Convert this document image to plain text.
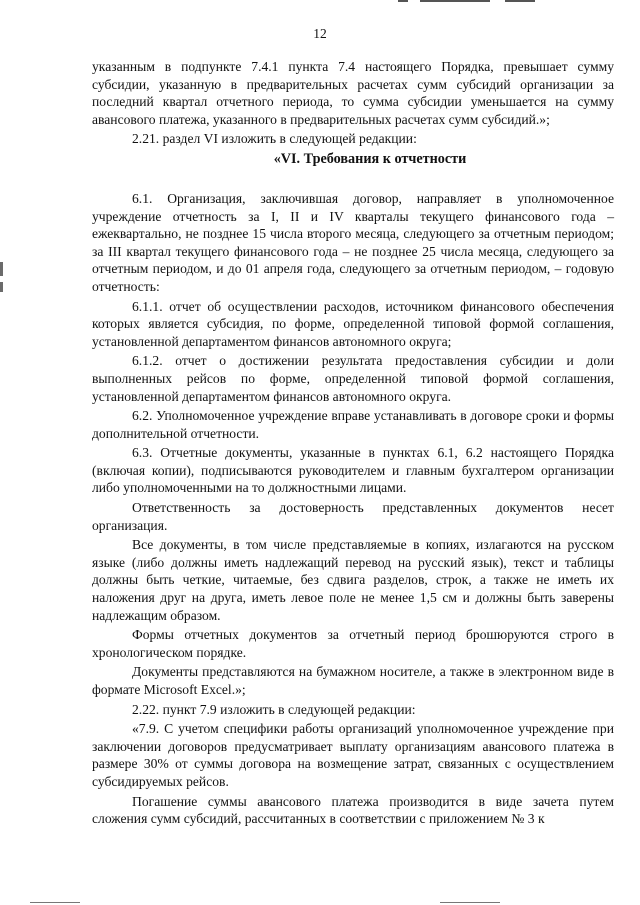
12

указанным в подпункте 7.4.1 пункта 7.4 настоящего Порядка, превышает сумму субсидии, указанную в предварительных расчетах сумм субсидий организации за последний квартал отчетного периода, то сумма субсидии уменьшается на сумму авансового платежа, указанного в предварительных расчетах сумм субсидий.»;

2.21. раздел VI изложить в следующей редакции:

«VI. Требования к отчетности

6.1. Организация, заключившая договор, направляет в уполномоченное учреждение отчетность за I, II и IV кварталы текущего финансового года – ежеквартально, не позднее 15 числа второго месяца, следующего за отчетным периодом; за III квартал текущего финансового года – не позднее 25 числа месяца, следующего за отчетным периодом, и до 01 апреля года, следующего за отчетным периодом, – годовую отчетность:

6.1.1. отчет об осуществлении расходов, источником финансового обеспечения которых является субсидия, по форме, определенной типовой формой соглашения, установленной департаментом финансов автономного округа;

6.1.2. отчет о достижении результата предоставления субсидии и доли выполненных рейсов по форме, определенной типовой формой соглашения, установленной департаментом финансов автономного округа.

6.2. Уполномоченное учреждение вправе устанавливать в договоре сроки и формы дополнительной отчетности.

6.3. Отчетные документы, указанные в пунктах 6.1, 6.2 настоящего Порядка (включая копии), подписываются руководителем и главным бухгалтером организации либо уполномоченными на то должностными лицами.

Ответственность за достоверность представленных документов несет организация.

Все документы, в том числе представляемые в копиях, излагаются на русском языке (либо должны иметь надлежащий перевод на русский язык), текст и таблицы должны быть четкие, читаемые, без сдвига разделов, строк, а также не иметь их наложения друг на друга, иметь левое поле не менее 1,5 см и должны быть заверены надлежащим образом.

Формы отчетных документов за отчетный период брошюруются строго в хронологическом порядке.

Документы представляются на бумажном носителе, а также в электронном виде в формате Microsoft Excel.»;

2.22. пункт 7.9 изложить в следующей редакции:

«7.9. С учетом специфики работы организаций уполномоченное учреждение при заключении договоров предусматривает выплату организациям авансового платежа в размере 30% от суммы договора на возмещение затрат, связанных с осуществлением субсидируемых рейсов.

Погашение суммы авансового платежа производится в виде зачета путем сложения сумм субсидий, рассчитанных в соответствии с приложением № 3 к
